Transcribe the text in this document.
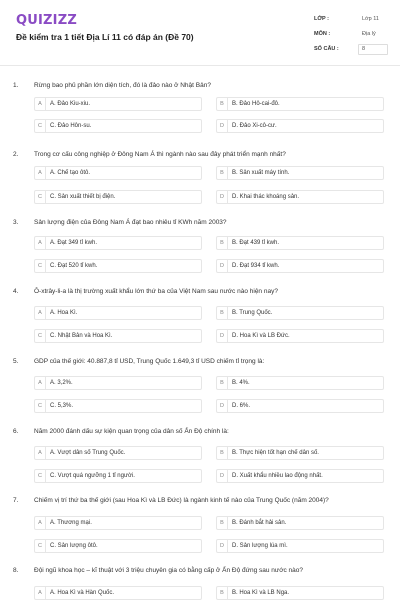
QUIZIZZ
Đề kiểm tra 1 tiết Địa Lí 11 có đáp án (Đề 70)
LỚP :	Lớp 11
MÔN :	Địa lý
SỐ CÂU :	8
1. Rừng bao phủ phần lớn diện tích, đó là đảo nào ở Nhật Bản?
A	A. Đảo Kiu-xiu.	B	B. Đảo Hô-cai-đô.
C	C. Đảo Hôn-su.	D	D. Đảo Xi-cô-cư.
2. Trong cơ cấu công nghiệp ở Đông Nam Á thì ngành nào sau đây phát triển mạnh nhất?
A	A. Chế tạo ôtô.	B	B. Sản xuất máy tính.
C	C. Sản xuất thiết bị điện.	D	D. Khai thác khoáng sản.
3. Sản lượng điện của Đông Nam Á đạt bao nhiêu tỉ KWh năm 2003?
A	A. Đạt 349 tỉ kwh.	B	B. Đạt 439 tỉ kwh.
C	C. Đạt 520 tỉ kwh.	D	D. Đạt 934 tỉ kwh.
4. Ô-xtrây-li-a là thị trường xuất khẩu lớn thứ ba của Việt Nam sau nước nào hiện nay?
A	A. Hoa Kì.	B	B. Trung Quốc.
C	C. Nhật Bản và Hoa Kì.	D	D. Hoa Kì và LB Đức.
5. GDP của thế giới: 40.887,8 tỉ USD, Trung Quốc 1.649,3 tỉ USD chiếm tỉ trọng là:
A	A. 3,2%.	B	B. 4%.
C	C. 5,3%.	D	D. 6%.
6. Năm 2000 đánh dấu sự kiện quan trọng của dân số Ấn Độ chính là:
A	A. Vượt dân số Trung Quốc.	B	B. Thực hiện tốt hạn chế dân số.
C	C. Vượt quá ngưỡng 1 tỉ người.	D	D. Xuất khẩu nhiều lao động nhất.
7. Chiếm vị trí thứ ba thế giới (sau Hoa Kì và LB Đức) là ngành kinh tế nào của Trung Quốc (năm 2004)?
A	A. Thương mại.	B	B. Đánh bắt hải sản.
C	C. Sản lượng ôtô.	D	D. Sản lượng lúa mì.
8. Đội ngũ khoa học – kĩ thuật với 3 triệu chuyên gia có bằng cấp ở Ấn Độ đứng sau nước nào?
A	A. Hoa Kì và Hàn Quốc.	B	B. Hoa Kì và LB Nga.
